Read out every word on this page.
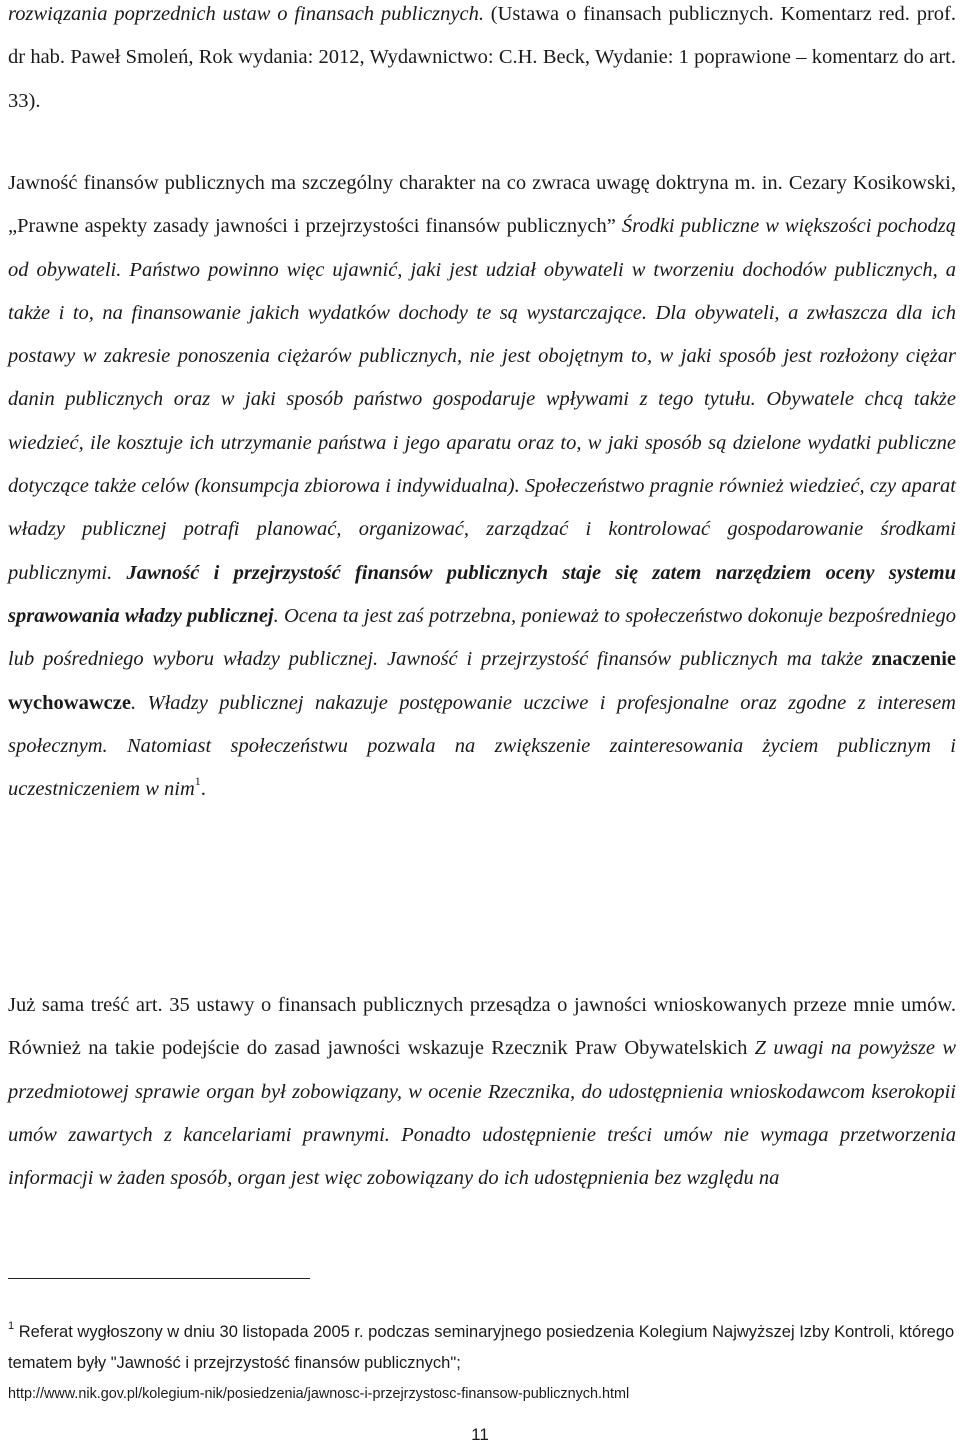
rozwiązania poprzednich ustaw o finansach publicznych. (Ustawa o finansach publicznych. Komentarz red. prof. dr hab. Paweł Smoleń, Rok wydania: 2012, Wydawnictwo: C.H. Beck, Wydanie: 1 poprawione – komentarz do art. 33).

Jawność finansów publicznych ma szczególny charakter na co zwraca uwagę doktryna m. in. Cezary Kosikowski, „Prawne aspekty zasady jawności i przejrzystości finansów publicznych” Środki publiczne w większości pochodzą od obywateli. Państwo powinno więc ujawnić, jaki jest udział obywateli w tworzeniu dochodów publicznych, a także i to, na finansowanie jakich wydatków dochody te są wystarczające. Dla obywateli, a zwłaszcza dla ich postawy w zakresie ponoszenia ciężarów publicznych, nie jest obojętnym to, w jaki sposób jest rozłożony ciężar danin publicznych oraz w jaki sposób państwo gospodaruje wpływami z tego tytułu. Obywatele chcą także wiedzieć, ile kosztuje ich utrzymanie państwa i jego aparatu oraz to, w jaki sposób są dzielone wydatki publiczne dotyczące także celów (konsumpcja zbiorowa i indywidualna). Społeczeństwo pragnie również wiedzieć, czy aparat władzy publicznej potrafi planować, organizować, zarządzać i kontrolować gospodarowanie środkami publicznymi. Jawność i przejrzystość finansów publicznych staje się zatem narzędziem oceny systemu sprawowania władzy publicznej. Ocena ta jest zaś potrzebna, ponieważ to społeczeństwo dokonuje bezpośredniego lub pośredniego wyboru władzy publicznej. Jawność i przejrzystość finansów publicznych ma także znaczenie wychowawcze. Władzy publicznej nakazuje postępowanie uczciwe i profesjonalne oraz zgodne z interesem społecznym. Natomiast społeczeństwu pozwala na zwiększenie zainteresowania życiem publicznym i uczestniczeniem w nim$^1$.

Już sama treść art. 35 ustawy o finansach publicznych przesądza o jawności wnioskowanych przeze mnie umów. Również na takie podejście do zasad jawności wskazuje Rzecznik Praw Obywatelskich Z uwagi na powyższe w przedmiotowej sprawie organ był zobowiązany, w ocenie Rzecznika, do udostępnienia wnioskodawcom kserokopii umów zawartych z kancelariami prawnymi. Ponadto udostępnienie treści umów nie wymaga przetworzenia informacji w żaden sposób, organ jest więc zobowiązany do ich udostępnienia bez względu na

$^1$ Referat wygłoszony w dniu 30 listopada 2005 r. podczas seminaryjnego posiedzenia Kolegium Najwyższej Izby Kontroli, którego tematem były "Jawność i przejrzystość finansów publicznych";
http://www.nik.gov.pl/kolegium-nik/posiedzenia/jawnosc-i-przejrzystosc-finansow-publicznych.html

11
